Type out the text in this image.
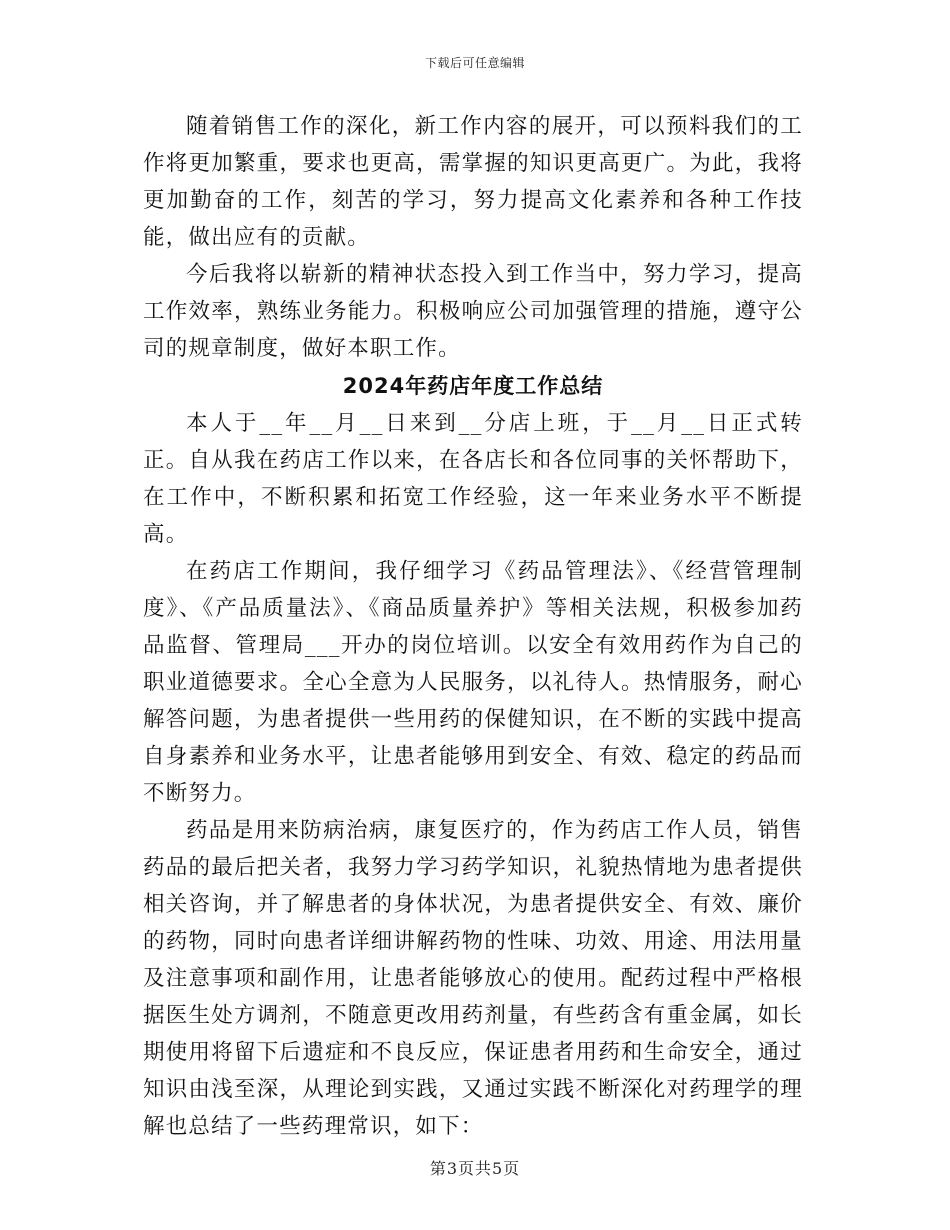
下载后可任意编辑

随着销售工作的深化，新工作内容的展开，可以预料我们的工作将更加繁重，要求也更高，需掌握的知识更高更广。为此，我将更加勤奋的工作，刻苦的学习，努力提高文化素养和各种工作技能，做出应有的贡献。

今后我将以崭新的精神状态投入到工作当中，努力学习，提高工作效率，熟练业务能力。积极响应公司加强管理的措施，遵守公司的规章制度，做好本职工作。

2024年药店年度工作总结

本人于__年__月__日来到__分店上班，于__月__日正式转正。自从我在药店工作以来，在各店长和各位同事的关怀帮助下，在工作中，不断积累和拓宽工作经验，这一年来业务水平不断提高。

在药店工作期间，我仔细学习《药品管理法》、《经营管理制度》、《产品质量法》、《商品质量养护》等相关法规，积极参加药品监督、管理局___开办的岗位培训。以安全有效用药作为自己的职业道德要求。全心全意为人民服务，以礼待人。热情服务，耐心解答问题，为患者提供一些用药的保健知识，在不断的实践中提高自身素养和业务水平，让患者能够用到安全、有效、稳定的药品而不断努力。

药品是用来防病治病，康复医疗的，作为药店工作人员，销售药品的最后把关者，我努力学习药学知识，礼貌热情地为患者提供相关咨询，并了解患者的身体状况，为患者提供安全、有效、廉价的药物，同时向患者详细讲解药物的性味、功效、用途、用法用量及注意事项和副作用，让患者能够放心的使用。配药过程中严格根据医生处方调剂，不随意更改用药剂量，有些药含有重金属，如长期使用将留下后遗症和不良反应，保证患者用药和生命安全，通过知识由浅至深，从理论到实践，又通过实践不断深化对药理学的理解也总结了一些药理常识，如下：

第3页共5页
